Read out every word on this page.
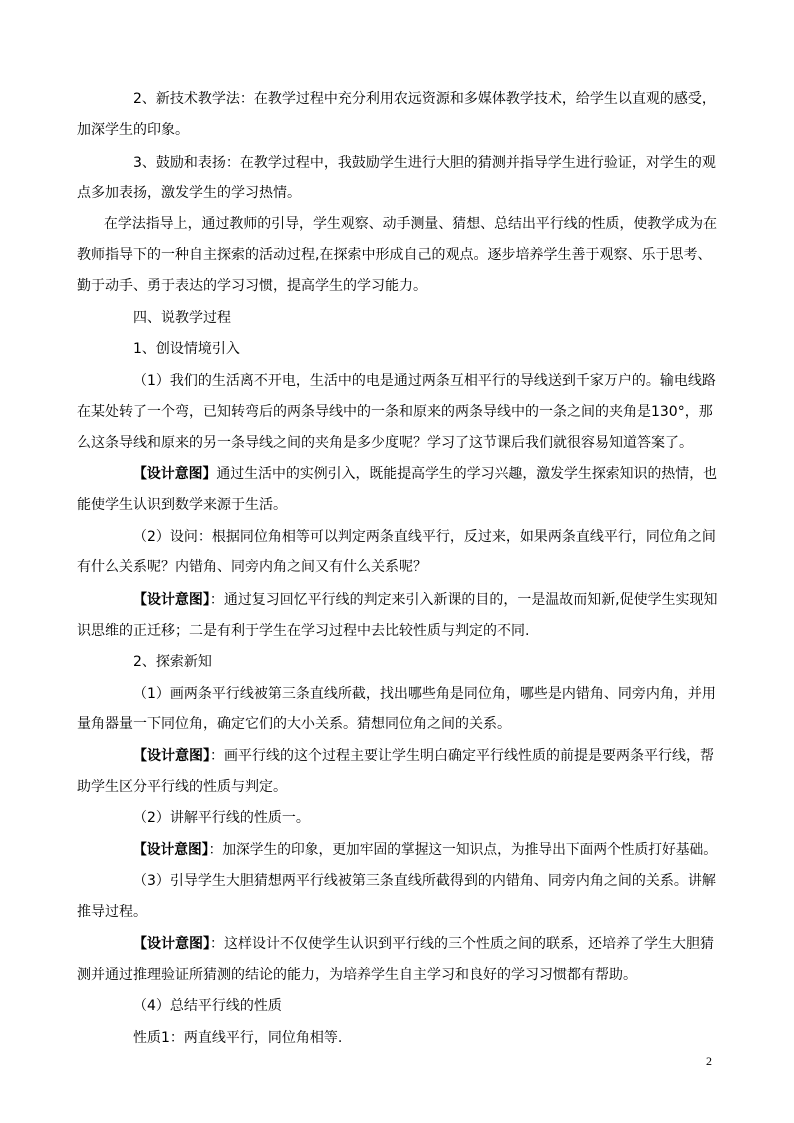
2、新技术教学法：在教学过程中充分利用农远资源和多媒体教学技术，给学生以直观的感受，
加深学生的印象。
3、鼓励和表扬：在教学过程中，我鼓励学生进行大胆的猜测并指导学生进行验证，对学生的观
点多加表扬，激发学生的学习热情。
在学法指导上，通过教师的引导，学生观察、动手测量、猜想、总结出平行线的性质，使教学成为在
教师指导下的一种自主探索的活动过程,在探索中形成自己的观点。逐步培养学生善于观察、乐于思考、
勤于动手、勇于表达的学习习惯，提高学生的学习能力。
四、说教学过程
1、创设情境引入
（1）我们的生活离不开电，生活中的电是通过两条互相平行的导线送到千家万户的。输电线路
在某处转了一个弯，已知转弯后的两条导线中的一条和原来的两条导线中的一条之间的夹角是130°，那
么这条导线和原来的另一条导线之间的夹角是多少度呢？学习了这节课后我们就很容易知道答案了。
【设计意图】通过生活中的实例引入，既能提高学生的学习兴趣，激发学生探索知识的热情，也
能使学生认识到数学来源于生活。
（2）设问：根据同位角相等可以判定两条直线平行，反过来，如果两条直线平行，同位角之间
有什么关系呢？内错角、同旁内角之间又有什么关系呢？
【设计意图】：通过复习回忆平行线的判定来引入新课的目的，一是温故而知新,促使学生实现知
识思维的正迁移；二是有利于学生在学习过程中去比较性质与判定的不同.
2、探索新知
（1）画两条平行线被第三条直线所截，找出哪些角是同位角，哪些是内错角、同旁内角，并用
量角器量一下同位角，确定它们的大小关系。猜想同位角之间的关系。
【设计意图】：画平行线的这个过程主要让学生明白确定平行线性质的前提是要两条平行线，帮
助学生区分平行线的性质与判定。
（2）讲解平行线的性质一。
【设计意图】：加深学生的印象，更加牢固的掌握这一知识点，为推导出下面两个性质打好基础。
（3）引导学生大胆猜想两平行线被第三条直线所截得到的内错角、同旁内角之间的关系。讲解
推导过程。
【设计意图】：这样设计不仅使学生认识到平行线的三个性质之间的联系，还培养了学生大胆猜
测并通过推理验证所猜测的结论的能力，为培养学生自主学习和良好的学习习惯都有帮助。
（4）总结平行线的性质
性质1：两直线平行，同位角相等.
2
